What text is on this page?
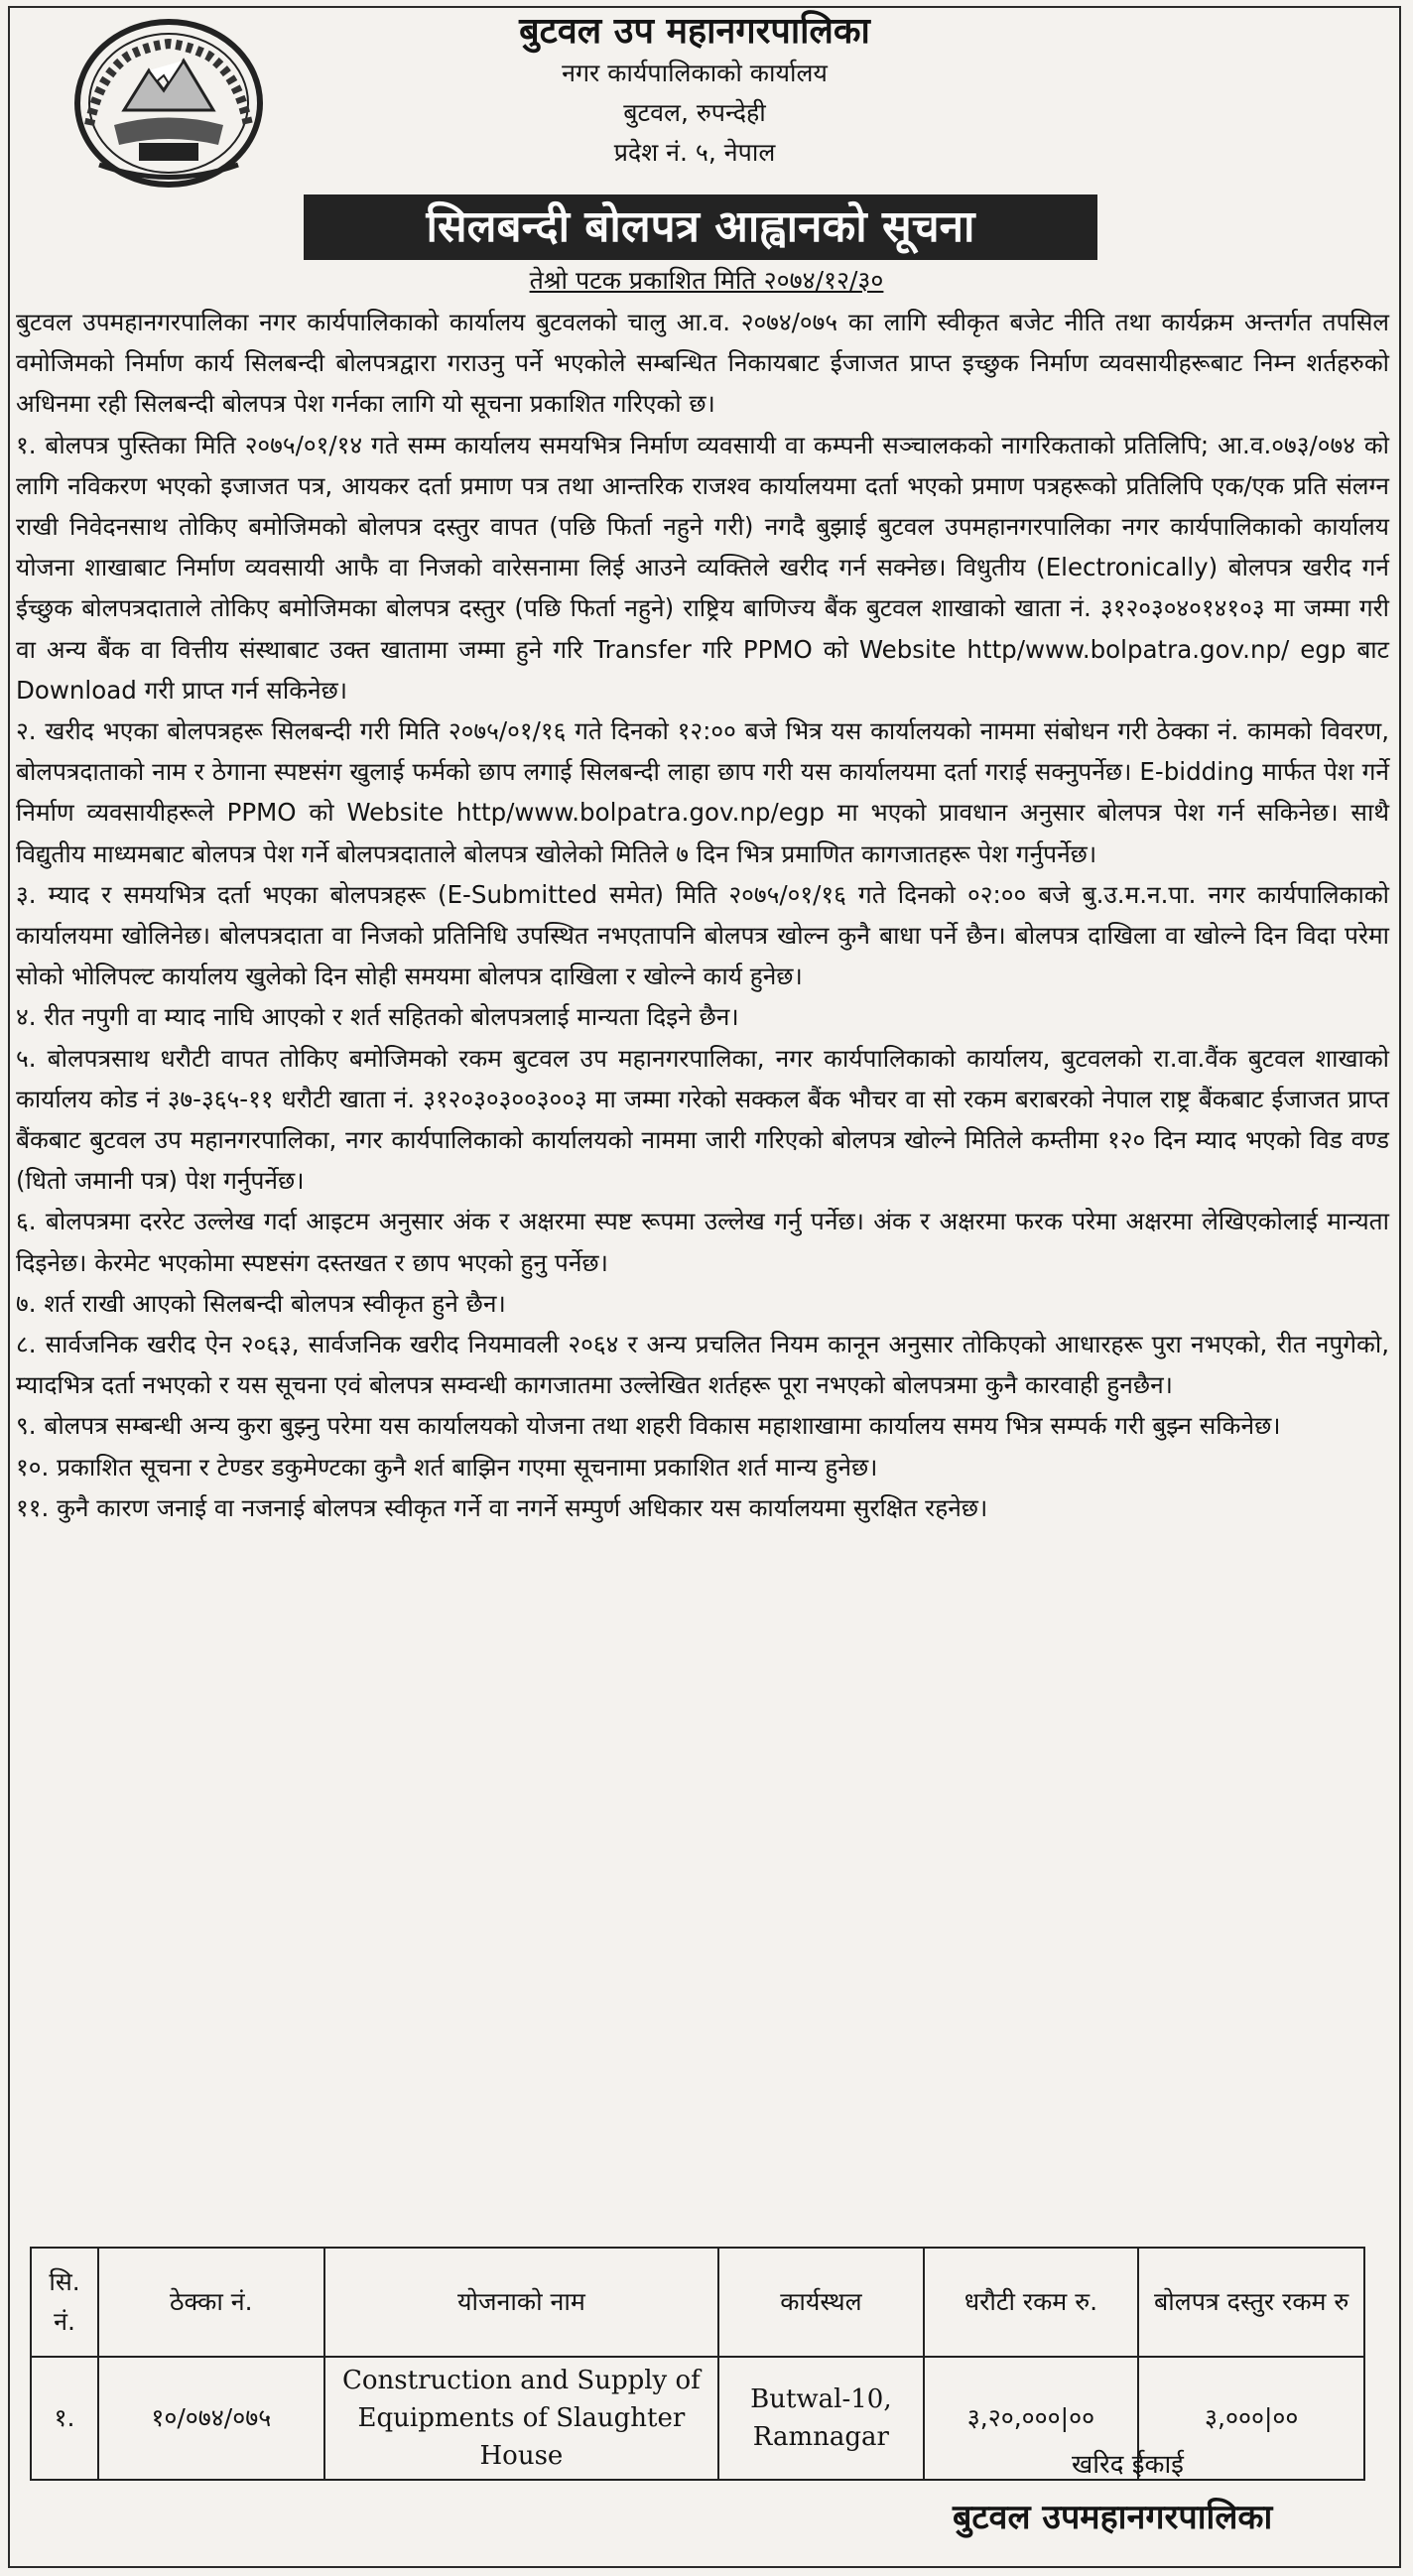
बुटवल उप महानगरपालिका
नगर कार्यपालिकाको कार्यालय
बुटवल, रुपन्देही
प्रदेश नं. ५, नेपाल
सिलबन्दी बोलपत्र आह्वानको सूचना
तेश्रो पटक प्रकाशित मिति २०७४/१२/३०

बुटवल उपमहानगरपालिका नगर कार्यपालिकाको कार्यालय बुटवलको चालु आ.व. २०७४/०७५ का लागि स्वीकृत बजेट नीति तथा कार्यक्रम अन्तर्गत तपसिल वमोजिमको निर्माण कार्य सिलबन्दी बोलपत्रद्वारा गराउनु पर्ने भएकोले सम्बन्धित निकायबाट ईजाजत प्राप्त इच्छुक निर्माण व्यवसायीहरूबाट निम्न शर्तहरुको अधिनमा रही सिलबन्दी बोलपत्र पेश गर्नका लागि यो सूचना प्रकाशित गरिएको छ।

१. बोलपत्र पुस्तिका मिति २०७५/०१/१४ गते सम्म कार्यालय समयभित्र निर्माण व्यवसायी वा कम्पनी सञ्चालकको नागरिकताको प्रतिलिपि; आ.व.०७३/०७४ को लागि नविकरण भएको इजाजत पत्र, आयकर दर्ता प्रमाण पत्र तथा आन्तरिक राजश्व कार्यालयमा दर्ता भएको प्रमाण पत्रहरूको प्रतिलिपि एक/एक प्रति संलग्न राखी निवेदनसाथ तोकिए बमोजिमको बोलपत्र दस्तुर वापत (पछि फिर्ता नहुने गरी) नगदै बुझाई बुटवल उपमहानगरपालिका नगर कार्यपालिकाको कार्यालय योजना शाखाबाट निर्माण व्यवसायी आफै वा निजको वारेसनामा लिई आउने व्यक्तिले खरीद गर्न सक्नेछ। विधुतीय (Electronically) बोलपत्र खरीद गर्न ईच्छुक बोलपत्रदाताले तोकिए बमोजिमका बोलपत्र दस्तुर (पछि फिर्ता नहुने) राष्ट्रिय बाणिज्य बैंक बुटवल शाखाको खाता नं. ३१२०३०४०१४१०३ मा जम्मा गरी वा अन्य बैंक वा वित्तीय संस्थाबाट उक्त खातामा जम्मा हुने गरि Transfer गरि PPMO को Website http/www.bolpatra.gov.np/ egp बाट Download गरी प्राप्त गर्न सकिनेछ।

२. खरीद भएका बोलपत्रहरू सिलबन्दी गरी मिति २०७५/०१/१६ गते दिनको १२:०० बजे भित्र यस कार्यालयको नाममा संबोधन गरी ठेक्का नं. कामको विवरण, बोलपत्रदाताको नाम र ठेगाना स्पष्टसंग खुलाई फर्मको छाप लगाई सिलबन्दी लाहा छाप गरी यस कार्यालयमा दर्ता गराई सक्नुपर्नेछ। E-bidding मार्फत पेश गर्ने निर्माण व्यवसायीहरूले PPMO को Website http/www.bolpatra.gov.np/egp मा भएको प्रावधान अनुसार बोलपत्र पेश गर्न सकिनेछ। साथै विद्युतीय माध्यमबाट बोलपत्र पेश गर्ने बोलपत्रदाताले बोलपत्र खोलेको मितिले ७ दिन भित्र प्रमाणित कागजातहरू पेश गर्नुपर्नेछ।

३. म्याद र समयभित्र दर्ता भएका बोलपत्रहरू (E-Submitted समेत) मिति २०७५/०१/१६ गते दिनको ०२:०० बजे बु.उ.म.न.पा. नगर कार्यपालिकाको कार्यालयमा खोलिनेछ। बोलपत्रदाता वा निजको प्रतिनिधि उपस्थित नभएतापनि बोलपत्र खोल्न कुनै बाधा पर्ने छैन। बोलपत्र दाखिला वा खोल्ने दिन विदा परेमा सोको भोलिपल्ट कार्यालय खुलेको दिन सोही समयमा बोलपत्र दाखिला र खोल्ने कार्य हुनेछ।

४. रीत नपुगी वा म्याद नाघि आएको र शर्त सहितको बोलपत्रलाई मान्यता दिइने छैन।

५. बोलपत्रसाथ धरौटी वापत तोकिए बमोजिमको रकम बुटवल उप महानगरपालिका, नगर कार्यपालिकाको कार्यालय, बुटवलको रा.वा.वैंक बुटवल शाखाको कार्यालय कोड नं ३७-३६५-११ धरौटी खाता नं. ३१२०३०३००३००३ मा जम्मा गरेको सक्कल बैंक भौचर वा सो रकम बराबरको नेपाल राष्ट्र बैंकबाट ईजाजत प्राप्त बैंकबाट बुटवल उप महानगरपालिका, नगर कार्यपालिकाको कार्यालयको नाममा जारी गरिएको बोलपत्र खोल्ने मितिले कम्तीमा १२० दिन म्याद भएको विड वण्ड (धितो जमानी पत्र) पेश गर्नुपर्नेछ।

६. बोलपत्रमा दररेट उल्लेख गर्दा आइटम अनुसार अंक र अक्षरमा स्पष्ट रूपमा उल्लेख गर्नु पर्नेछ। अंक र अक्षरमा फरक परेमा अक्षरमा लेखिएकोलाई मान्यता दिइनेछ। केरमेट भएकोमा स्पष्टसंग दस्तखत र छाप भएको हुनु पर्नेछ।

७. शर्त राखी आएको सिलबन्दी बोलपत्र स्वीकृत हुने छैन।

८. सार्वजनिक खरीद ऐन २०६३, सार्वजनिक खरीद नियमावली २०६४ र अन्य प्रचलित नियम कानून अनुसार तोकिएको आधारहरू पुरा नभएको, रीत नपुगेको, म्यादभित्र दर्ता नभएको र यस सूचना एवं बोलपत्र सम्वन्धी कागजातमा उल्लेखित शर्तहरू पूरा नभएको बोलपत्रमा कुनै कारवाही हुनछैन।

९. बोलपत्र सम्बन्धी अन्य कुरा बुझ्नु परेमा यस कार्यालयको योजना तथा शहरी विकास महाशाखामा कार्यालय समय भित्र सम्पर्क गरी बुझ्न सकिनेछ।

१०. प्रकाशित सूचना र टेण्डर डकुमेण्टका कुनै शर्त बाझिन गएमा सूचनामा प्रकाशित शर्त मान्य हुनेछ।

११. कुनै कारण जनाई वा नजनाई बोलपत्र स्वीकृत गर्ने वा नगर्ने सम्पुर्ण अधिकार यस कार्यालयमा सुरक्षित रहनेछ।

सि. नं.	ठेक्का नं.	योजनाको नाम	कार्यस्थल	धरौटी रकम रु.	बोलपत्र दस्तुर रकम रु
१.	१०/०७४/०७५	Construction and Supply of Equipments of Slaughter House	Butwal-10, Ramnagar	३,२०,०००|००	३,०००|००
खरिद ईकाई
बुटवल उपमहानगरपालिका
